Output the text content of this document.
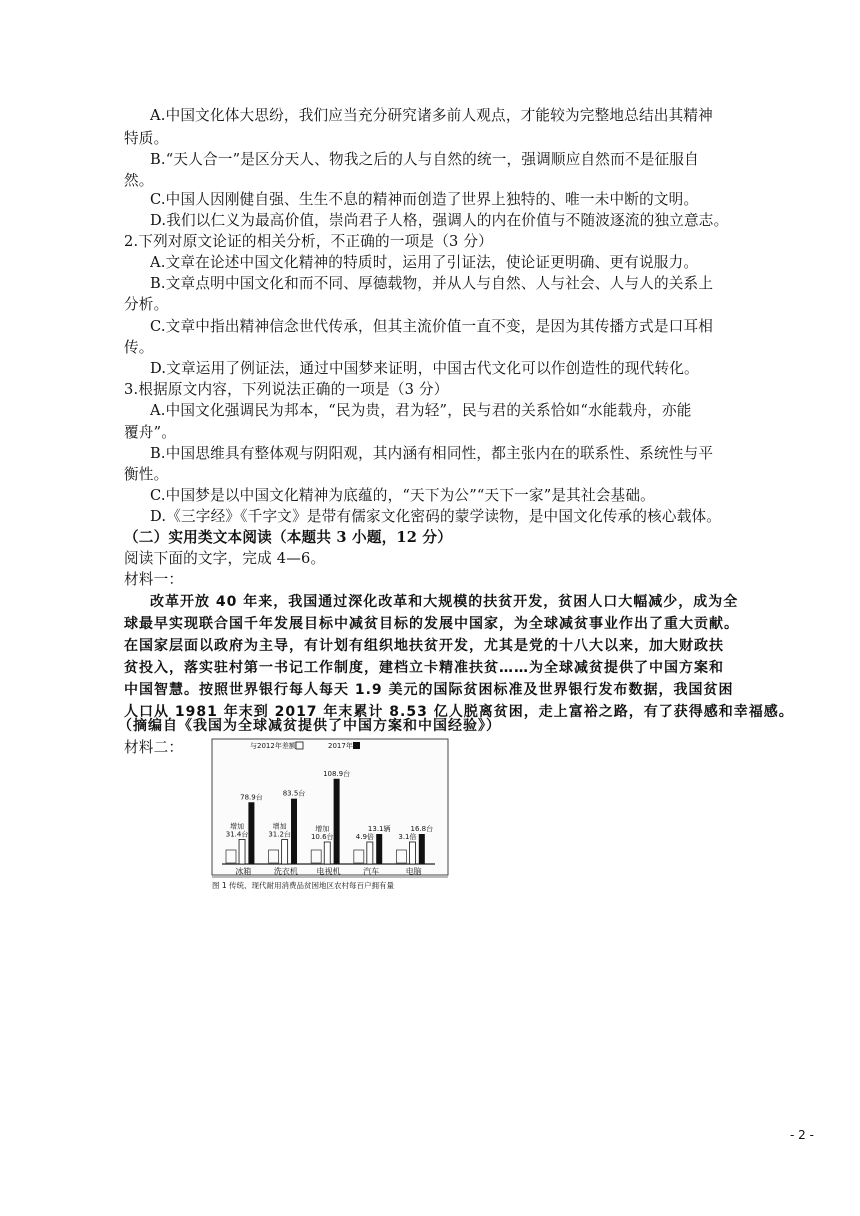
A.中国文化体大思纷，我们应当充分研究诸多前人观点，才能较为完整地总结出其精神
特质。
B.“天人合一”是区分天人、物我之后的人与自然的统一，强调顺应自然而不是征服自
然。
C.中国人因刚健自强、生生不息的精神而创造了世界上独特的、唯一未中断的文明。
D.我们以仁义为最高价值，崇尚君子人格，强调人的内在价值与不随波逐流的独立意志。
2.下列对原文论证的相关分析，不正确的一项是（3 分）
A.文章在论述中国文化精神的特质时，运用了引证法，使论证更明确、更有说服力。
B.文章点明中国文化和而不同、厚德载物，并从人与自然、人与社会、人与人的关系上
分析。
C.文章中指出精神信念世代传承，但其主流价值一直不变，是因为其传播方式是口耳相
传。
D.文章运用了例证法，通过中国梦来证明，中国古代文化可以作创造性的现代转化。
3.根据原文内容，下列说法正确的一项是（3 分）
A.中国文化强调民为邦本，“民为贵，君为轻”，民与君的关系恰如“水能载舟，亦能
覆舟”。
B.中国思维具有整体观与阴阳观，其内涵有相同性，都主张内在的联系性、系统性与平
衡性。
C.中国梦是以中国文化精神为底蕴的，“天下为公”“天下一家”是其社会基础。
D.《三字经》《千字文》是带有儒家文化密码的蒙学读物，是中国文化传承的核心载体。
（二）实用类文本阅读（本题共 3 小题，12 分）
阅读下面的文字，完成 4—6。
材料一：
改革开放 40 年来，我国通过深化改革和大规模的扶贫开发，贫困人口大幅减少，成为全
球最早实现联合国千年发展目标中减贫目标的发展中国家，为全球减贫事业作出了重大贡献。
在国家层面以政府为主导，有计划有组织地扶贫开发，尤其是党的十八大以来，加大财政扶
贫投入，落实驻村第一书记工作制度，建档立卡精准扶贫……为全球减贫提供了中国方案和
中国智慧。按照世界银行每人每天 1.9 美元的国际贫困标准及世界银行发布数据，我国贫困
人口从 1981 年末到 2017 年末累计 8.53 亿人脱离贫困，走上富裕之路，有了获得感和幸福感。
（摘编自《我国为全球减贫提供了中国方案和中国经验》）
材料二：	与2012年差额	2017年
78.9台
增加
31.4台
冰箱
83.5台
增加
31.2台
洗衣机
108.9台
增加
10.6台
电视机
13.1辆
4.9倍
汽车
16.8台
3.1倍
电脑
图 1 传统、现代耐用消费品贫困地区农村每百户拥有量
- 2 -
